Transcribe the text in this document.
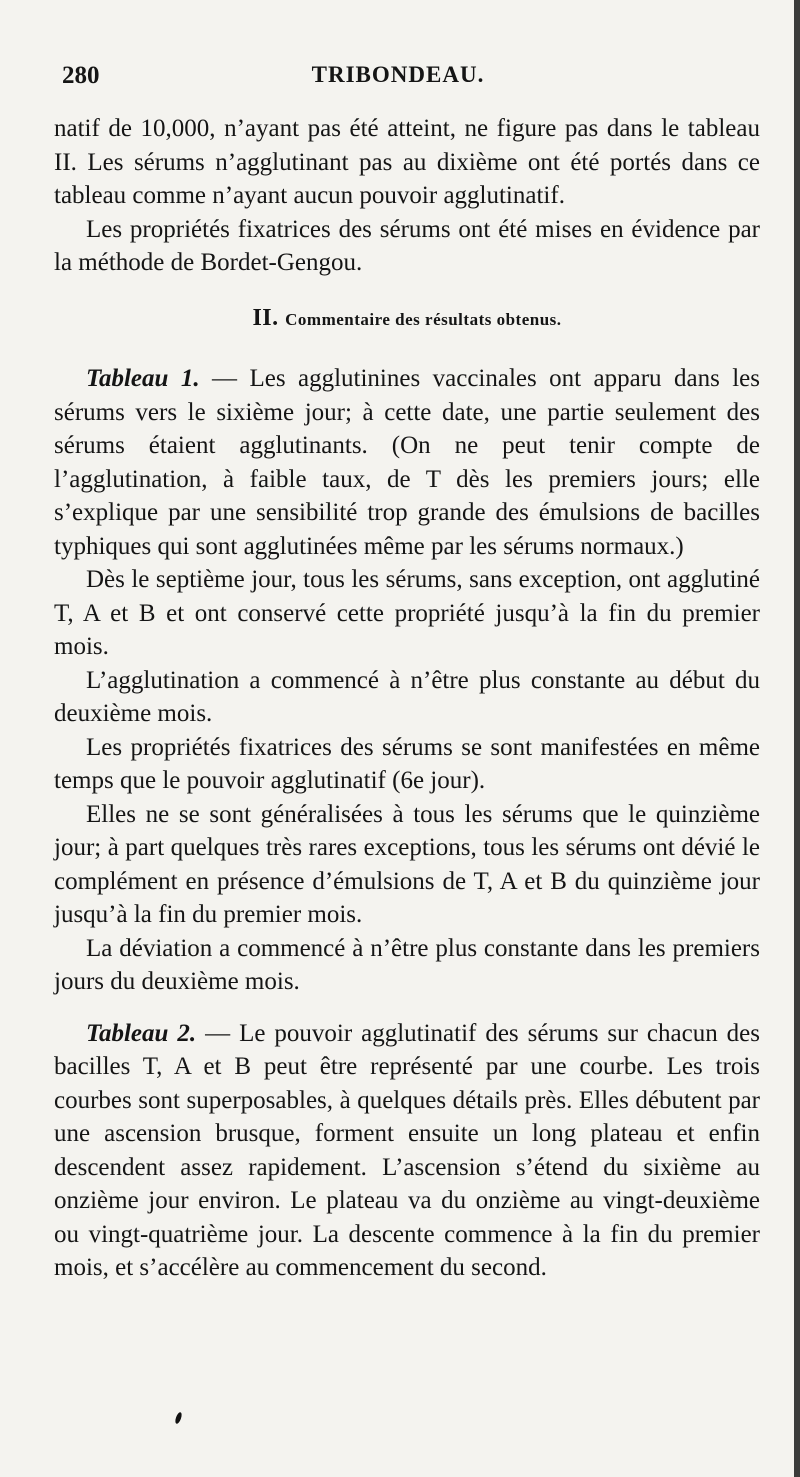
280	TRIBONDEAU.

natif de 10,000, n’ayant pas été atteint, ne figure pas dans le tableau II. Les sérums n’agglutinant pas au dixième ont été portés dans ce tableau comme n’ayant aucun pouvoir agglutinatif.

Les propriétés fixatrices des sérums ont été mises en évidence par la méthode de Bordet-Gengou.

II. Commentaire des résultats obtenus.

Tableau 1. — Les agglutinines vaccinales ont apparu dans les sérums vers le sixième jour; à cette date, une partie seulement des sérums étaient agglutinants. (On ne peut tenir compte de l’agglutination, à faible taux, de T dès les premiers jours; elle s’explique par une sensibilité trop grande des émulsions de bacilles typhiques qui sont agglutinées même par les sérums normaux.)

Dès le septième jour, tous les sérums, sans exception, ont agglutiné T, A et B et ont conservé cette propriété jusqu’à la fin du premier mois.

L’agglutination a commencé à n’être plus constante au début du deuxième mois.

Les propriétés fixatrices des sérums se sont manifestées en même temps que le pouvoir agglutinatif (6e jour).

Elles ne se sont généralisées à tous les sérums que le quinzième jour; à part quelques très rares exceptions, tous les sérums ont dévié le complément en présence d’émulsions de T, A et B du quinzième jour jusqu’à la fin du premier mois.

La déviation a commencé à n’être plus constante dans les premiers jours du deuxième mois.

Tableau 2. — Le pouvoir agglutinatif des sérums sur chacun des bacilles T, A et B peut être représenté par une courbe. Les trois courbes sont superposables, à quelques détails près. Elles débutent par une ascension brusque, forment ensuite un long plateau et enfin descendent assez rapidement. L’ascension s’étend du sixième au onzième jour environ. Le plateau va du onzième au vingt-deuxième ou vingt-quatrième jour. La descente commence à la fin du premier mois, et s’accélère au commencement du second.
